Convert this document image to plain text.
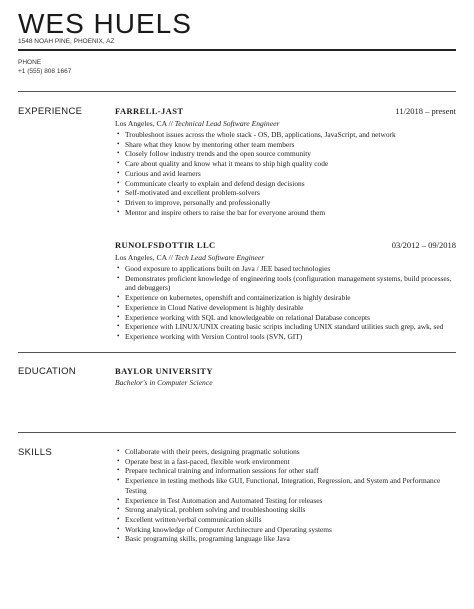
WES HUELS
1548 NOAH PINE, PHOENIX, AZ
PHONE
+1 (555) 808 1667
EXPERIENCE	FARRELL-JAST	11/2018 – present
Los Angeles, CA // Technical Lead Software Engineer
• Troubleshoot issues across the whole stack - OS, DB, applications, JavaScript, and network
• Share what they know by mentoring other team members
• Closely follow industry trends and the open source community
• Care about quality and know what it means to ship high quality code
• Curious and avid learners
• Communicate clearly to explain and defend design decisions
• Self-motivated and excellent problem-solvers
• Driven to improve, personally and professionally
• Mentor and inspire others to raise the bar for everyone around them
RUNOLFSDOTTIR LLC	03/2012 – 09/2018
Los Angeles, CA // Tech Lead Software Engineer
• Good exposure to applications built on Java / JEE based technologies
• Demonstrates proficient knowledge of engineering tools (configuration management systems, build processes, and debuggers)
• Experience on kubernetes, openshift and containerization is highly desirable
• Experience in Cloud Native development is highly desirable
• Experience working with SQL and knowledgeable on relational Database concepts
• Experience with LINUX/UNIX creating basic scripts including UNIX standard utilities such grep, awk, sed
• Experience working with Version Control tools (SVN, GIT)
EDUCATION	BAYLOR UNIVERSITY
Bachelor's in Computer Science
SKILLS	• Collaborate with their peers, designing pragmatic solutions
• Operate best in a fast-paced, flexible work environment
• Prepare technical training and information sessions for other staff
• Experience in testing methods like GUI, Functional, Integration, Regression, and System and Performance Testing
• Experience in Test Automation and Automated Testing for releases
• Strong analytical, problem solving and troubleshooting skills
• Excellent written/verbal communication skills
• Working knowledge of Computer Architecture and Operating systems
• Basic programing skills, programing language like Java
